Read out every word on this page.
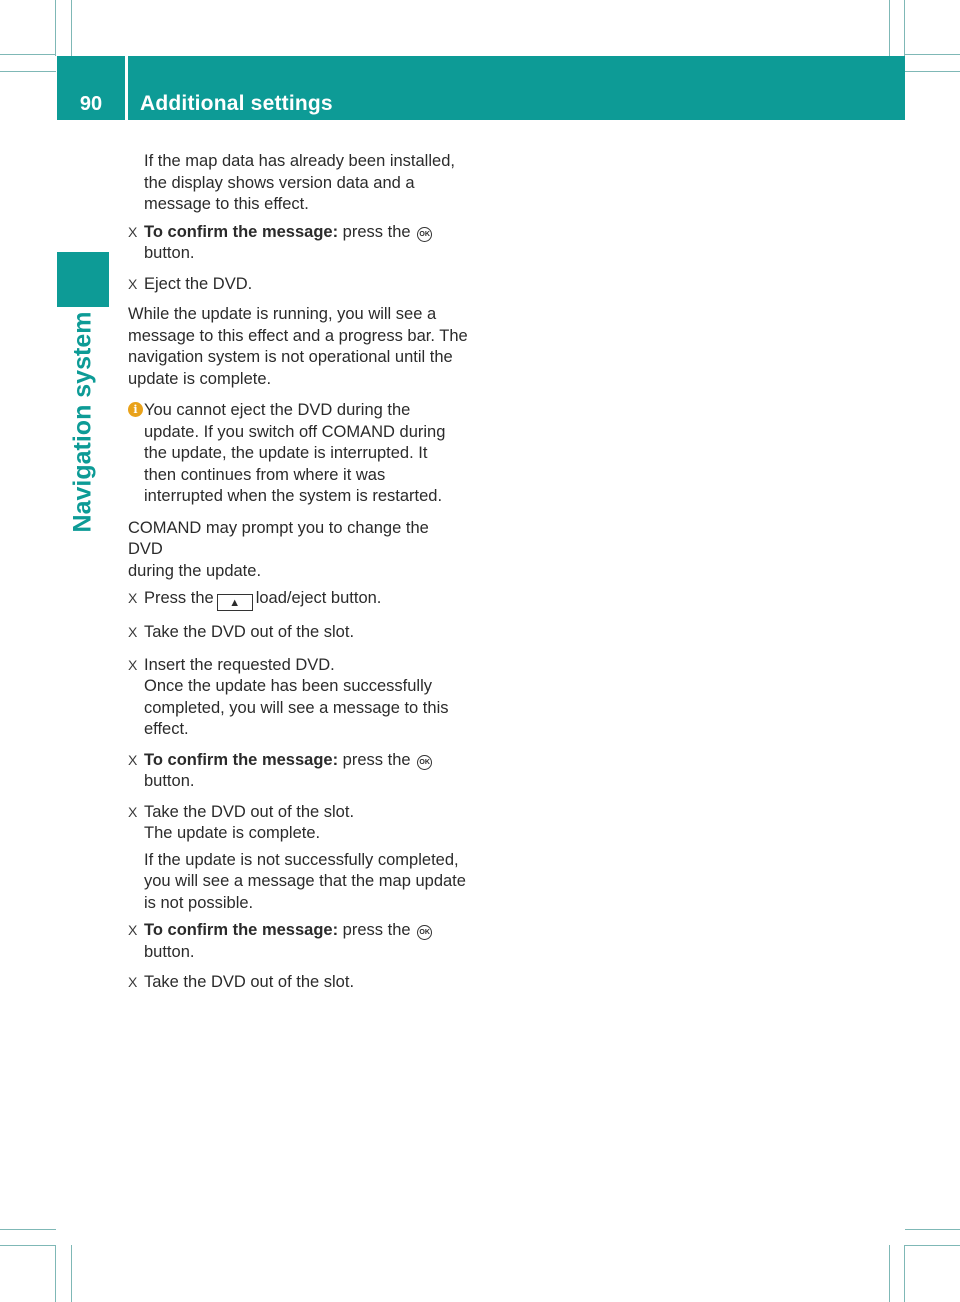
90	Additional settings
Navigation system
If the map data has already been installed,
the display shows version data and a
message to this effect.
X To confirm the message: press the OK
button.
X Eject the DVD.
While the update is running, you will see a
message to this effect and a progress bar. The
navigation system is not operational until the
update is complete.
i You cannot eject the DVD during the
update. If you switch off COMAND during
the update, the update is interrupted. It
then continues from where it was
interrupted when the system is restarted.
COMAND may prompt you to change the DVD
during the update.
X Press the ▲ load/eject button.
X Take the DVD out of the slot.
X Insert the requested DVD.
Once the update has been successfully
completed, you will see a message to this
effect.
X To confirm the message: press the OK
button.
X Take the DVD out of the slot.
The update is complete.
If the update is not successfully completed,
you will see a message that the map update
is not possible.
X To confirm the message: press the OK
button.
X Take the DVD out of the slot.
